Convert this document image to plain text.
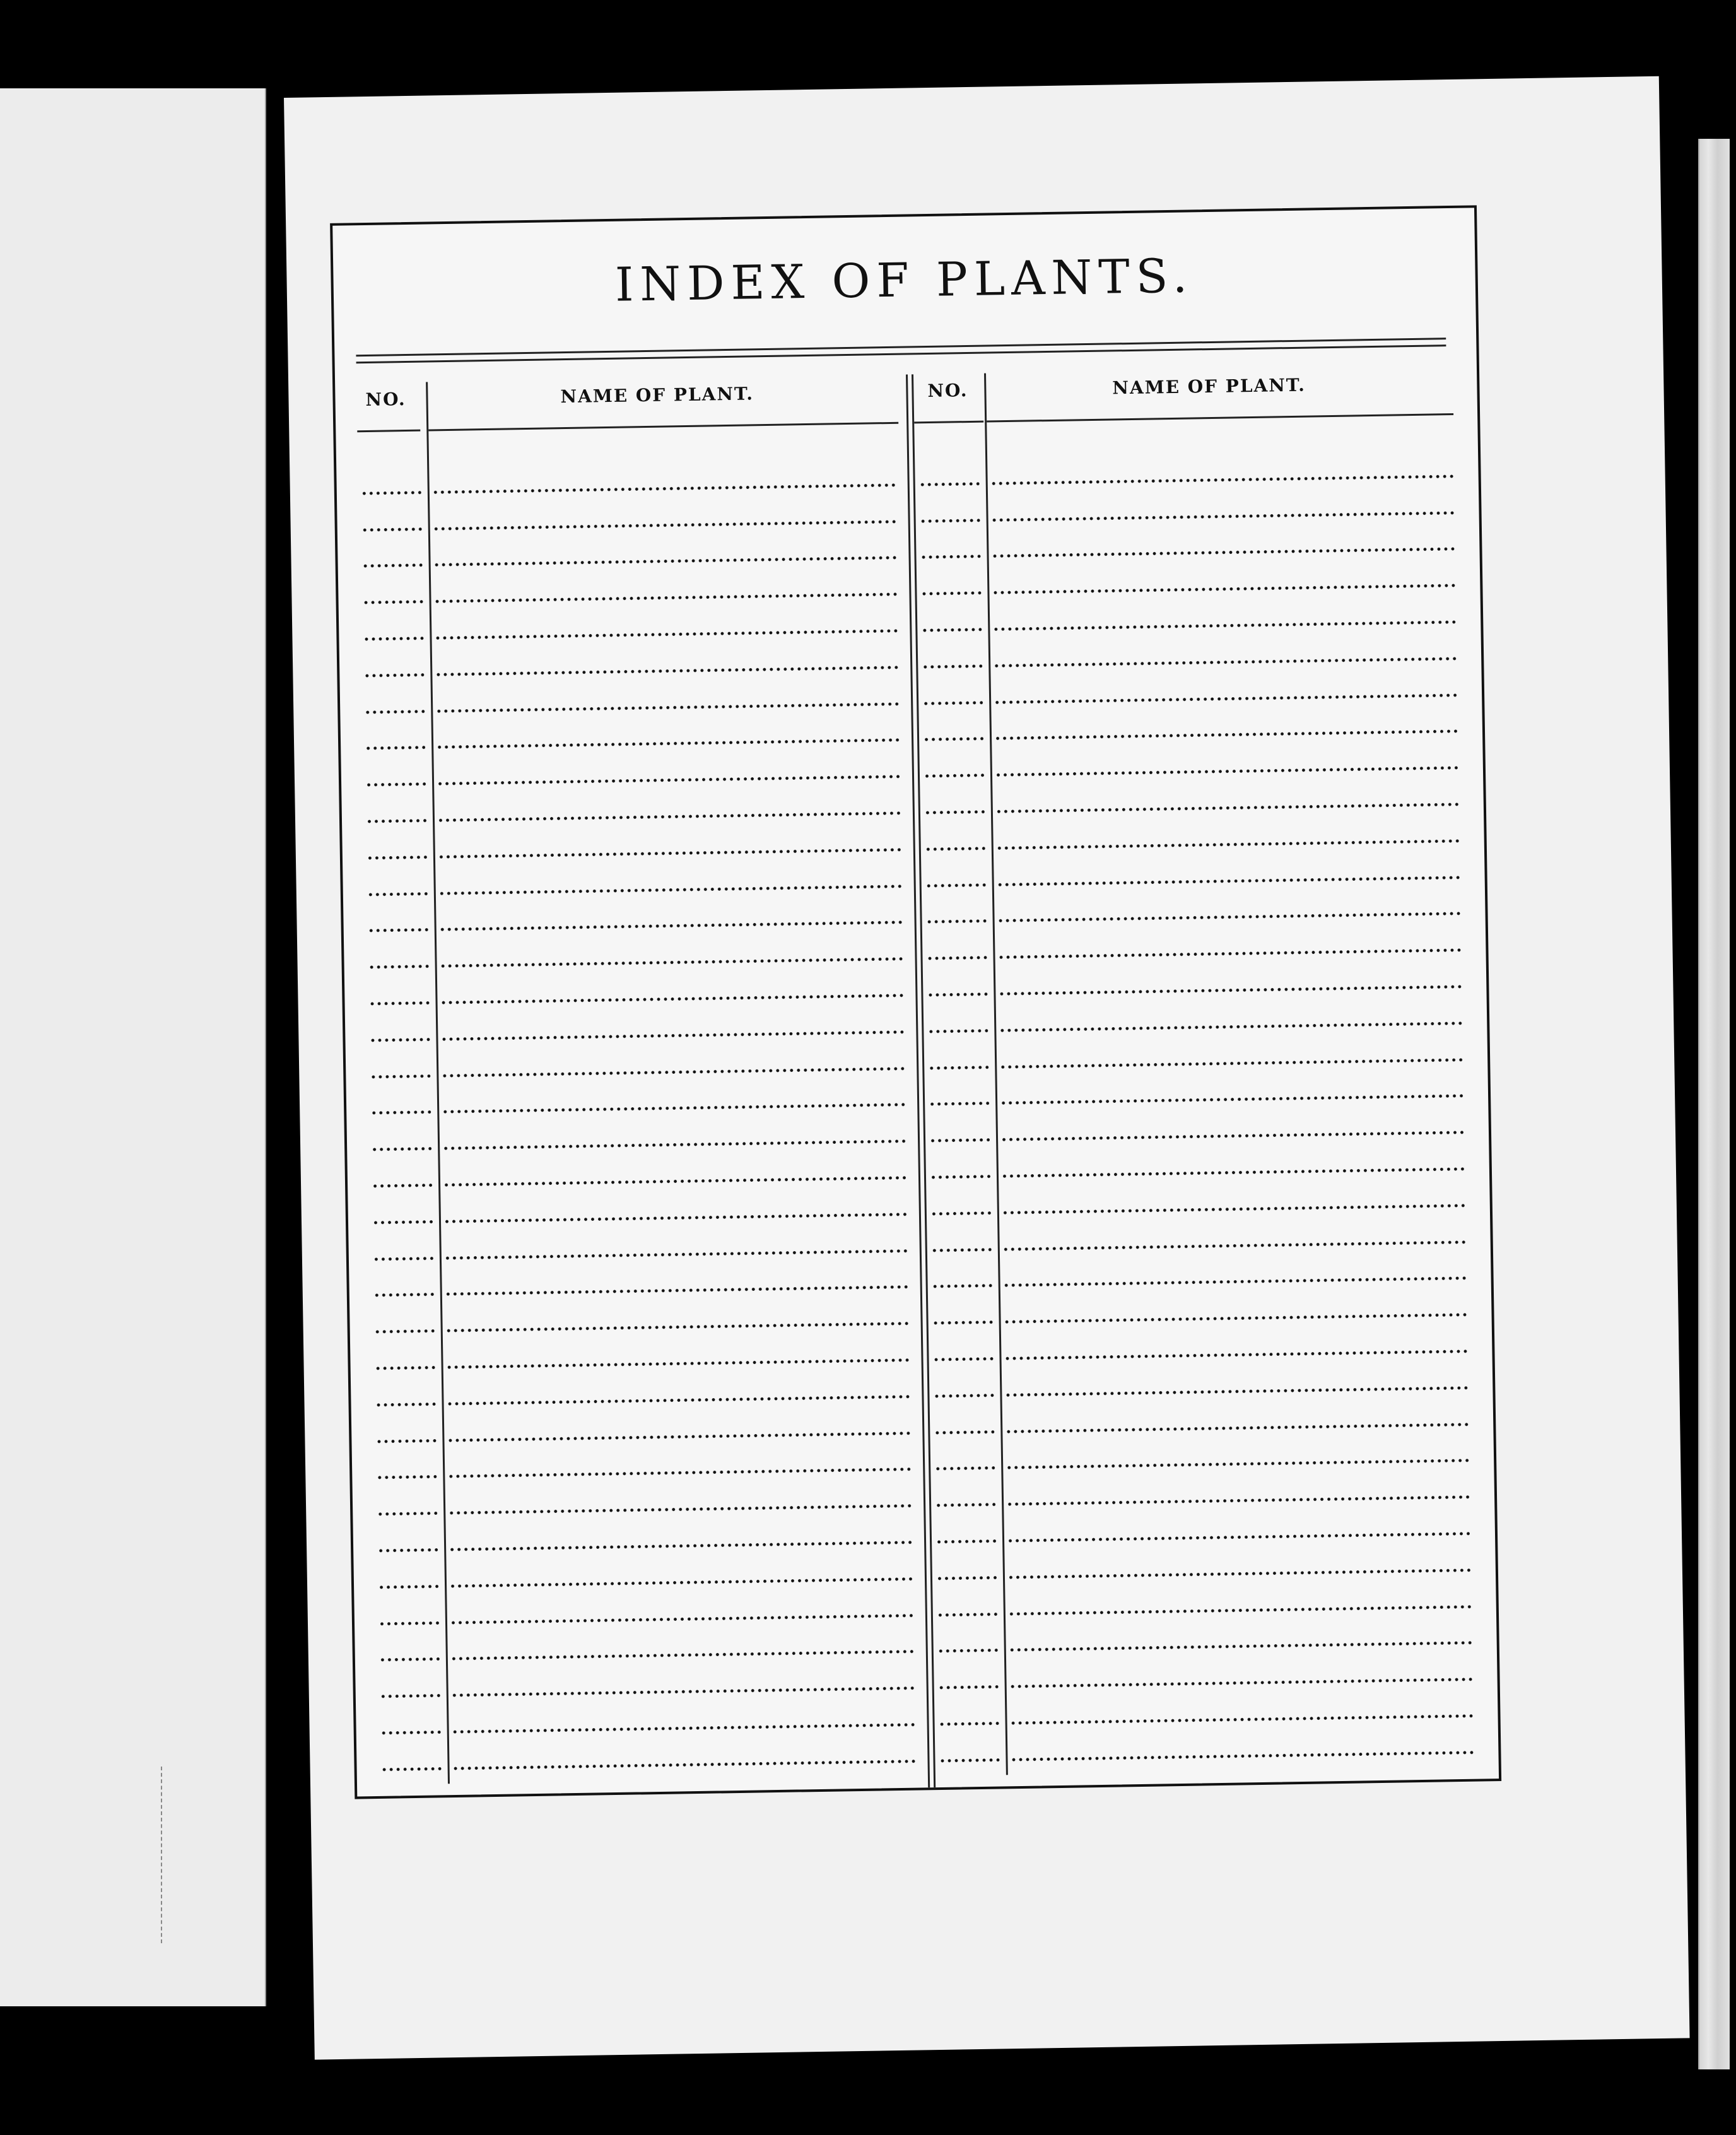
INDEX OF PLANTS.
NO.	NAME OF PLANT.	NO.	NAME OF PLANT.
